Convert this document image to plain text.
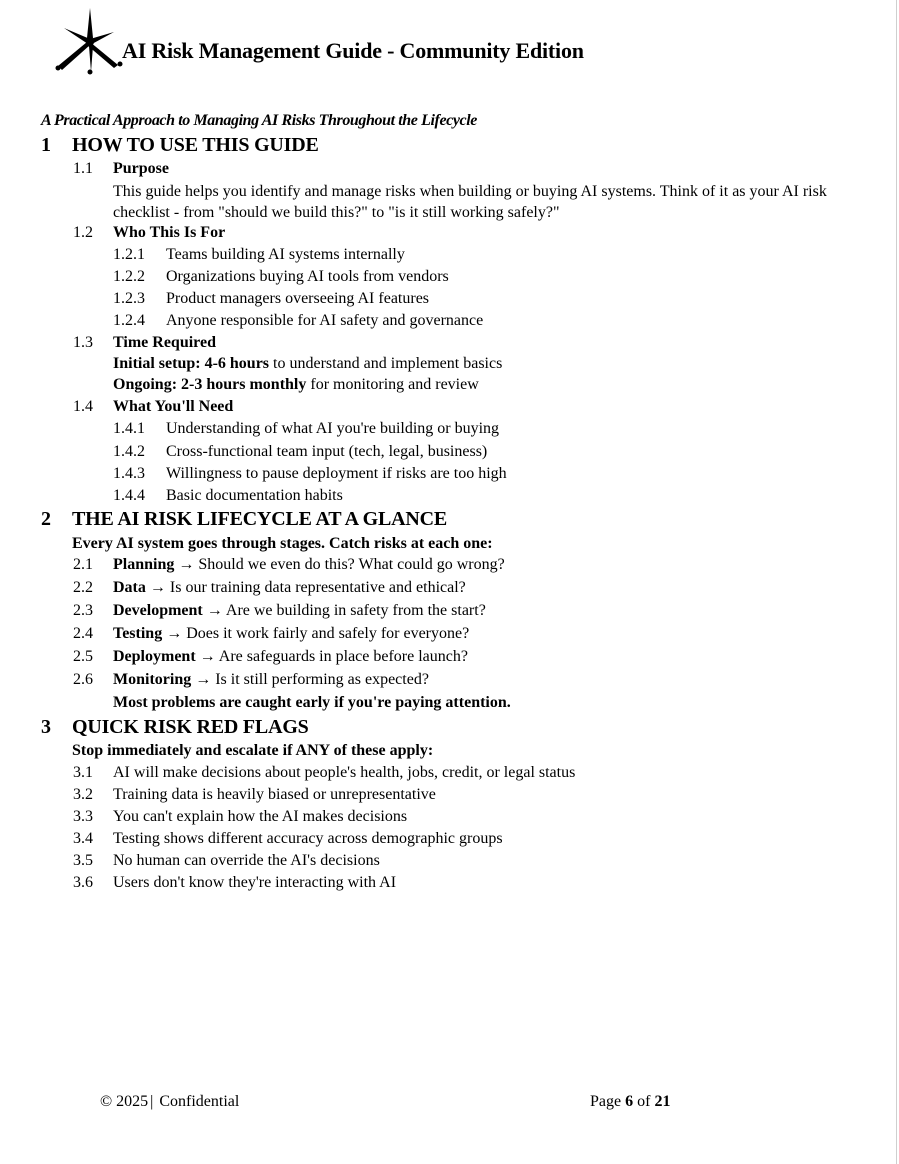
AI Risk Management Guide - Community Edition
A Practical Approach to Managing AI Risks Throughout the Lifecycle
1 HOW TO USE THIS GUIDE
1.1 Purpose
This guide helps you identify and manage risks when building or buying AI systems. Think of it as your AI risk checklist - from "should we build this?" to "is it still working safely?"
1.2 Who This Is For
1.2.1 Teams building AI systems internally
1.2.2 Organizations buying AI tools from vendors
1.2.3 Product managers overseeing AI features
1.2.4 Anyone responsible for AI safety and governance
1.3 Time Required
Initial setup: 4-6 hours to understand and implement basics
Ongoing: 2-3 hours monthly for monitoring and review
1.4 What You'll Need
1.4.1 Understanding of what AI you're building or buying
1.4.2 Cross-functional team input (tech, legal, business)
1.4.3 Willingness to pause deployment if risks are too high
1.4.4 Basic documentation habits
2 THE AI RISK LIFECYCLE AT A GLANCE
Every AI system goes through stages. Catch risks at each one:
2.1 Planning → Should we even do this? What could go wrong?
2.2 Data → Is our training data representative and ethical?
2.3 Development → Are we building in safety from the start?
2.4 Testing → Does it work fairly and safely for everyone?
2.5 Deployment → Are safeguards in place before launch?
2.6 Monitoring → Is it still performing as expected?
Most problems are caught early if you're paying attention.
3 QUICK RISK RED FLAGS
Stop immediately and escalate if ANY of these apply:
3.1 AI will make decisions about people's health, jobs, credit, or legal status
3.2 Training data is heavily biased or unrepresentative
3.3 You can't explain how the AI makes decisions
3.4 Testing shows different accuracy across demographic groups
3.5 No human can override the AI's decisions
3.6 Users don't know they're interacting with AI
© 2025 | Confidential	Page 6 of 21
